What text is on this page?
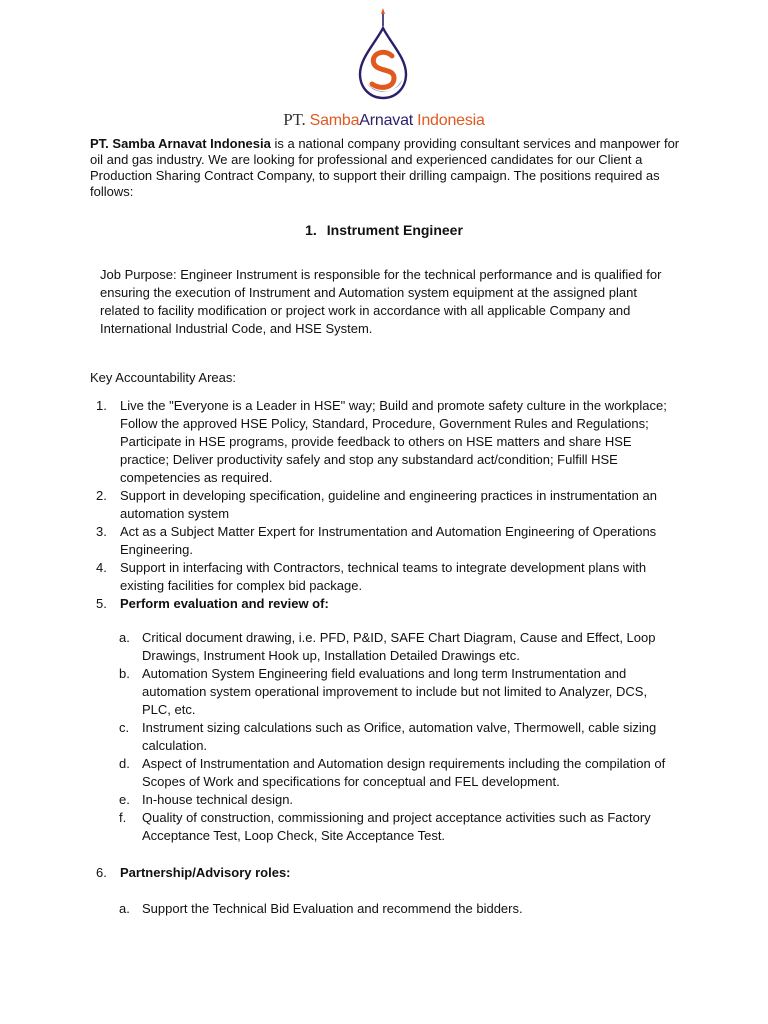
PT. SambaArnavat Indonesia

PT. Samba Arnavat Indonesia is a national company providing consultant services and manpower for oil and gas industry. We are looking for professional and experienced candidates for our Client a Production Sharing Contract Company, to support their drilling campaign. The positions required as follows:

1. Instrument Engineer

Job Purpose: Engineer Instrument is responsible for the technical performance and is qualified for ensuring the execution of Instrument and Automation system equipment at the assigned plant related to facility modification or project work in accordance with all applicable Company and International Industrial Code, and HSE System.

Key Accountability Areas:

1. Live the "Everyone is a Leader in HSE" way; Build and promote safety culture in the workplace; Follow the approved HSE Policy, Standard, Procedure, Government Rules and Regulations; Participate in HSE programs, provide feedback to others on HSE matters and share HSE practice; Deliver productivity safely and stop any substandard act/condition; Fulfill HSE competencies as required.
2. Support in developing specification, guideline and engineering practices in instrumentation an automation system
3. Act as a Subject Matter Expert for Instrumentation and Automation Engineering of Operations Engineering.
4. Support in interfacing with Contractors, technical teams to integrate development plans with existing facilities for complex bid package.
5. Perform evaluation and review of:
a. Critical document drawing, i.e. PFD, P&ID, SAFE Chart Diagram, Cause and Effect, Loop Drawings, Instrument Hook up, Installation Detailed Drawings etc.
b. Automation System Engineering field evaluations and long term Instrumentation and automation system operational improvement to include but not limited to Analyzer, DCS, PLC, etc.
c. Instrument sizing calculations such as Orifice, automation valve, Thermowell, cable sizing calculation.
d. Aspect of Instrumentation and Automation design requirements including the compilation of Scopes of Work and specifications for conceptual and FEL development.
e. In-house technical design.
f. Quality of construction, commissioning and project acceptance activities such as Factory Acceptance Test, Loop Check, Site Acceptance Test.

6. Partnership/Advisory roles:

a. Support the Technical Bid Evaluation and recommend the bidders.
